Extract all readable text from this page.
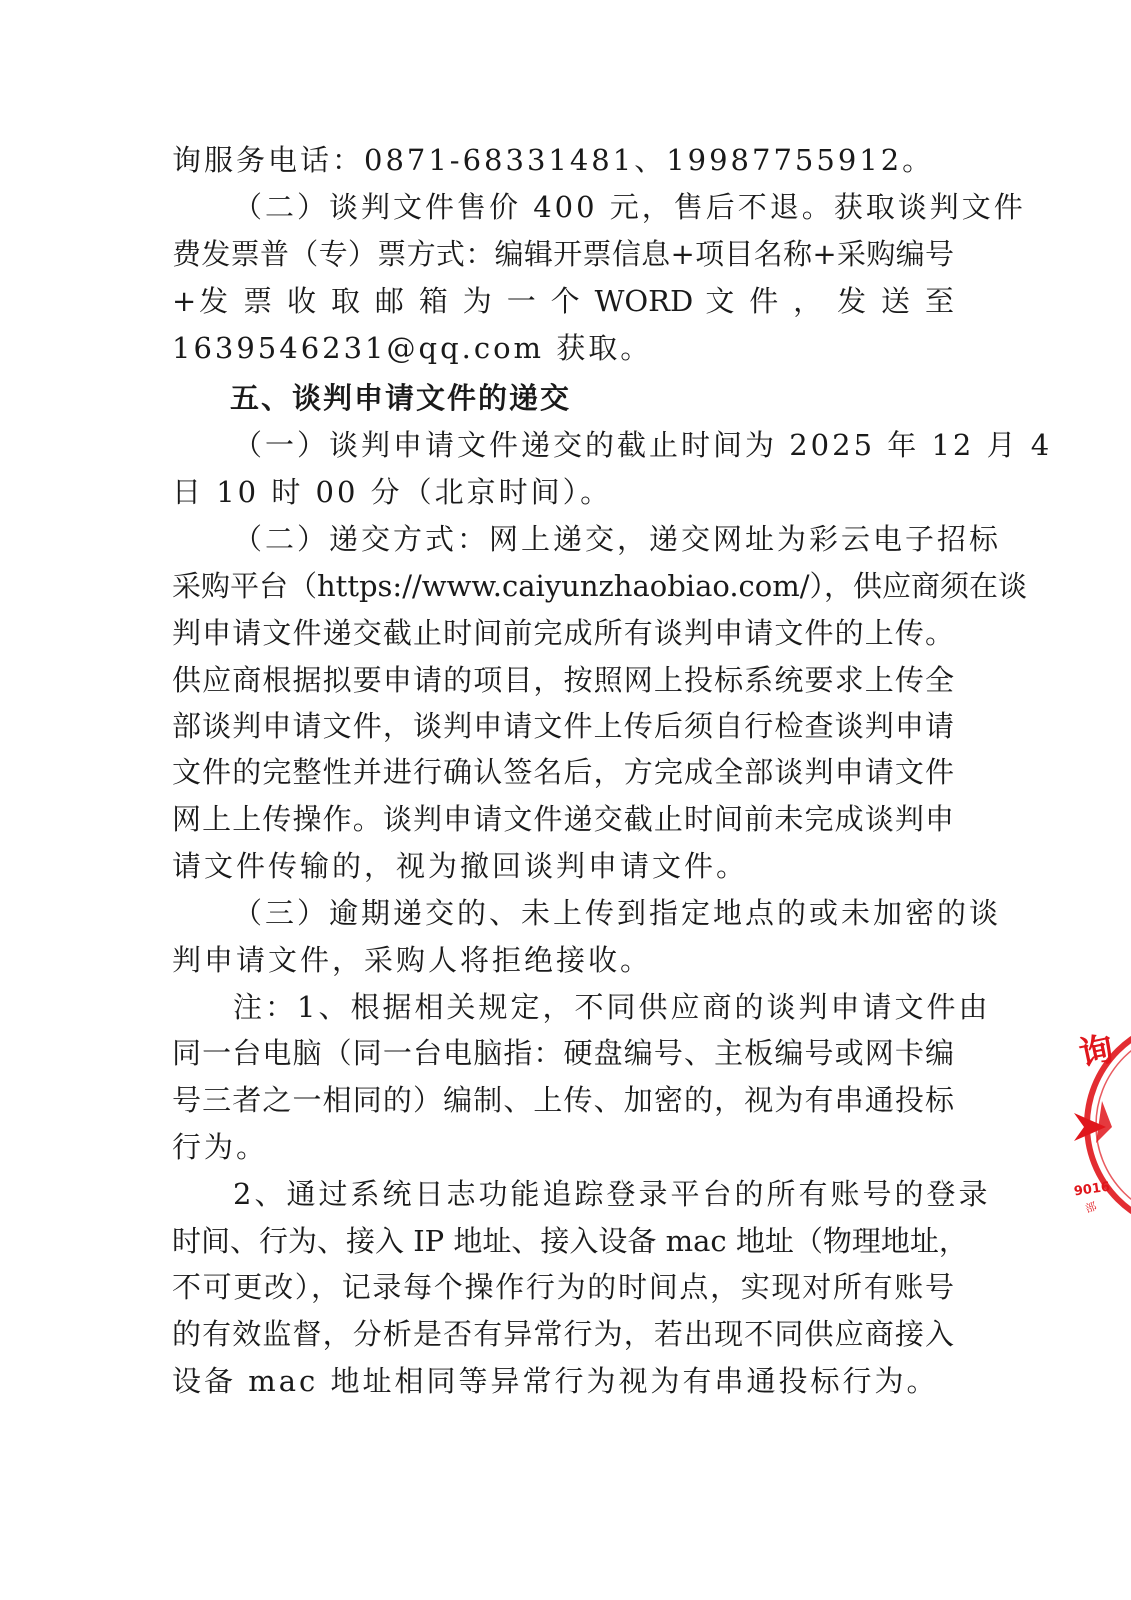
询服务电话：0871-68331481、19987755912。
（二）谈判文件售价 400 元，售后不退。获取谈判文件
费发票普（专）票方式：编辑开票信息+项目名称+采购编号
+发 票 收 取 邮 箱 为 一 个 WORD 文 件 ， 发 送 至
1639546231@qq.com 获取。
五、谈判申请文件的递交
（一）谈判申请文件递交的截止时间为 2025 年 12 月 4
日 10 时 00 分（北京时间）。
（二）递交方式：网上递交，递交网址为彩云电子招标
采购平台（https://www.caiyunzhaobiao.com/），供应商须在谈
判申请文件递交截止时间前完成所有谈判申请文件的上传。
供应商根据拟要申请的项目，按照网上投标系统要求上传全
部谈判申请文件，谈判申请文件上传后须自行检查谈判申请
文件的完整性并进行确认签名后，方完成全部谈判申请文件
网上上传操作。谈判申请文件递交截止时间前未完成谈判申
请文件传输的，视为撤回谈判申请文件。
（三）逾期递交的、未上传到指定地点的或未加密的谈
判申请文件，采购人将拒绝接收。
注：1、根据相关规定，不同供应商的谈判申请文件由
同一台电脑（同一台电脑指：硬盘编号、主板编号或网卡编
号三者之一相同的）编制、上传、加密的，视为有串通投标
行为。
2、通过系统日志功能追踪登录平台的所有账号的登录
时间、行为、接入 IP 地址、接入设备 mac 地址（物理地址，
不可更改），记录每个操作行为的时间点，实现对所有账号
的有效监督，分析是否有异常行为，若出现不同供应商接入
设备 mac 地址相同等异常行为视为有串通投标行为。
询
9016
部
